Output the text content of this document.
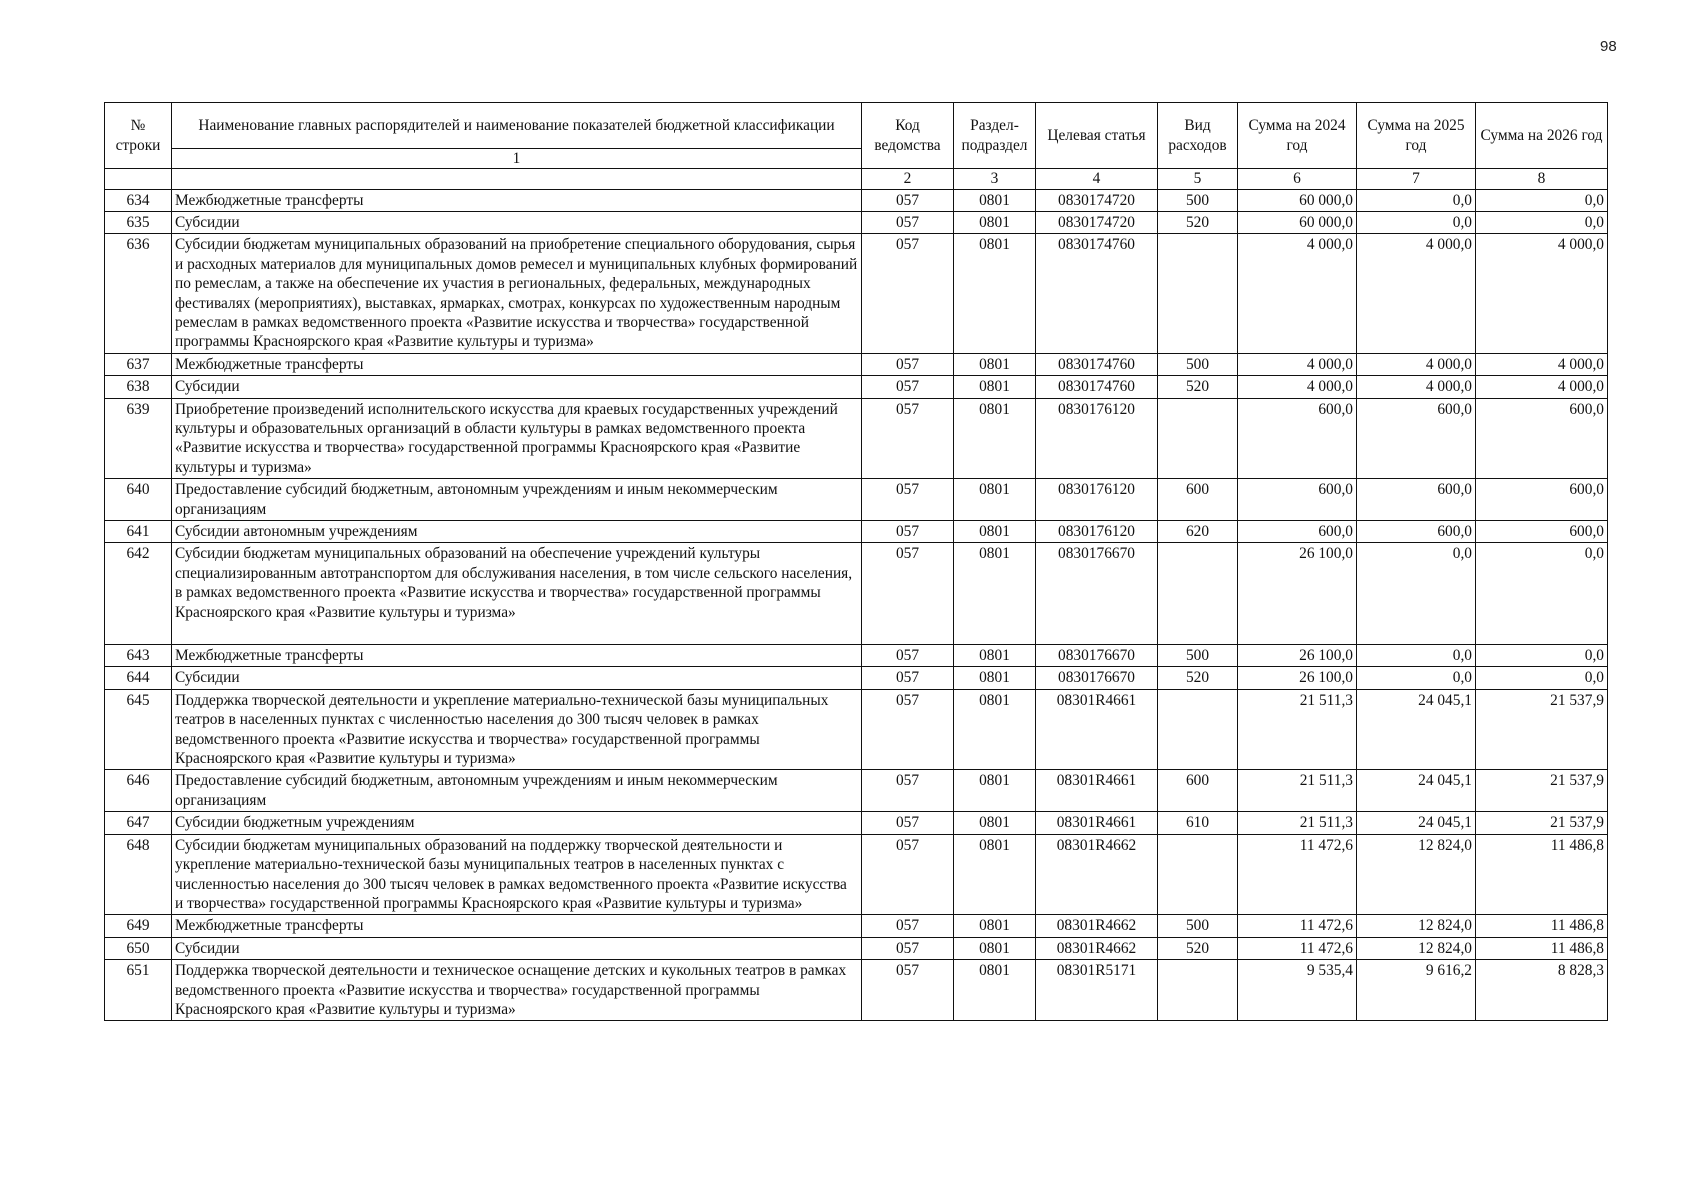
98
№ строки	Наименование главных распорядителей и наименование показателей бюджетной классификации	Код ведомства	Раздел-подраздел	Целевая статья	Вид расходов	Сумма на 2024 год	Сумма на 2025 год	Сумма на 2026 год
	1							
		2	3	4	5	6	7	8
634	Межбюджетные трансферты	057	0801	0830174720	500	60 000,0	0,0	0,0
635	Субсидии	057	0801	0830174720	520	60 000,0	0,0	0,0
636	Субсидии бюджетам муниципальных образований на приобретение специального оборудования, сырья и расходных материалов для муниципальных домов ремесел и муниципальных клубных формирований по ремеслам, а также на обеспечение их участия в региональных, федеральных, международных фестивалях (мероприятиях), выставках, ярмарках, смотрах, конкурсах по художественным народным ремеслам в рамках ведомственного проекта «Развитие искусства и творчества» государственной программы Красноярского края «Развитие культуры и туризма»	057	0801	0830174760		4 000,0	4 000,0	4 000,0
637	Межбюджетные трансферты	057	0801	0830174760	500	4 000,0	4 000,0	4 000,0
638	Субсидии	057	0801	0830174760	520	4 000,0	4 000,0	4 000,0
639	Приобретение произведений исполнительского искусства для краевых государственных учреждений культуры и образовательных организаций в области культуры в рамках ведомственного проекта «Развитие искусства и творчества» государственной программы Красноярского края «Развитие культуры и туризма»	057	0801	0830176120		600,0	600,0	600,0
640	Предоставление субсидий бюджетным, автономным учреждениям и иным некоммерческим организациям	057	0801	0830176120	600	600,0	600,0	600,0
641	Субсидии автономным учреждениям	057	0801	0830176120	620	600,0	600,0	600,0
642	Субсидии бюджетам муниципальных образований на обеспечение учреждений культуры специализированным автотранспортом для обслуживания населения, в том числе сельского населения, в рамках ведомственного проекта «Развитие искусства и творчества» государственной программы Красноярского края «Развитие культуры и туризма»	057	0801	0830176670		26 100,0	0,0	0,0
643	Межбюджетные трансферты	057	0801	0830176670	500	26 100,0	0,0	0,0
644	Субсидии	057	0801	0830176670	520	26 100,0	0,0	0,0
645	Поддержка творческой деятельности и укрепление материально-технической базы муниципальных театров в населенных пунктах с численностью населения до 300 тысяч человек в рамках ведомственного проекта «Развитие искусства и творчества» государственной программы Красноярского края «Развитие культуры и туризма»	057	0801	08301R4661		21 511,3	24 045,1	21 537,9
646	Предоставление субсидий бюджетным, автономным учреждениям и иным некоммерческим организациям	057	0801	08301R4661	600	21 511,3	24 045,1	21 537,9
647	Субсидии бюджетным учреждениям	057	0801	08301R4661	610	21 511,3	24 045,1	21 537,9
648	Субсидии бюджетам муниципальных образований на поддержку творческой деятельности и укрепление материально-технической базы муниципальных театров в населенных пунктах с численностью населения до 300 тысяч человек в рамках ведомственного проекта «Развитие искусства и творчества» государственной программы Красноярского края «Развитие культуры и туризма»	057	0801	08301R4662		11 472,6	12 824,0	11 486,8
649	Межбюджетные трансферты	057	0801	08301R4662	500	11 472,6	12 824,0	11 486,8
650	Субсидии	057	0801	08301R4662	520	11 472,6	12 824,0	11 486,8
651	Поддержка творческой деятельности и техническое оснащение детских и кукольных театров в рамках ведомственного проекта «Развитие искусства и творчества» государственной программы Красноярского края «Развитие культуры и туризма»	057	0801	08301R5171		9 535,4	9 616,2	8 828,3
